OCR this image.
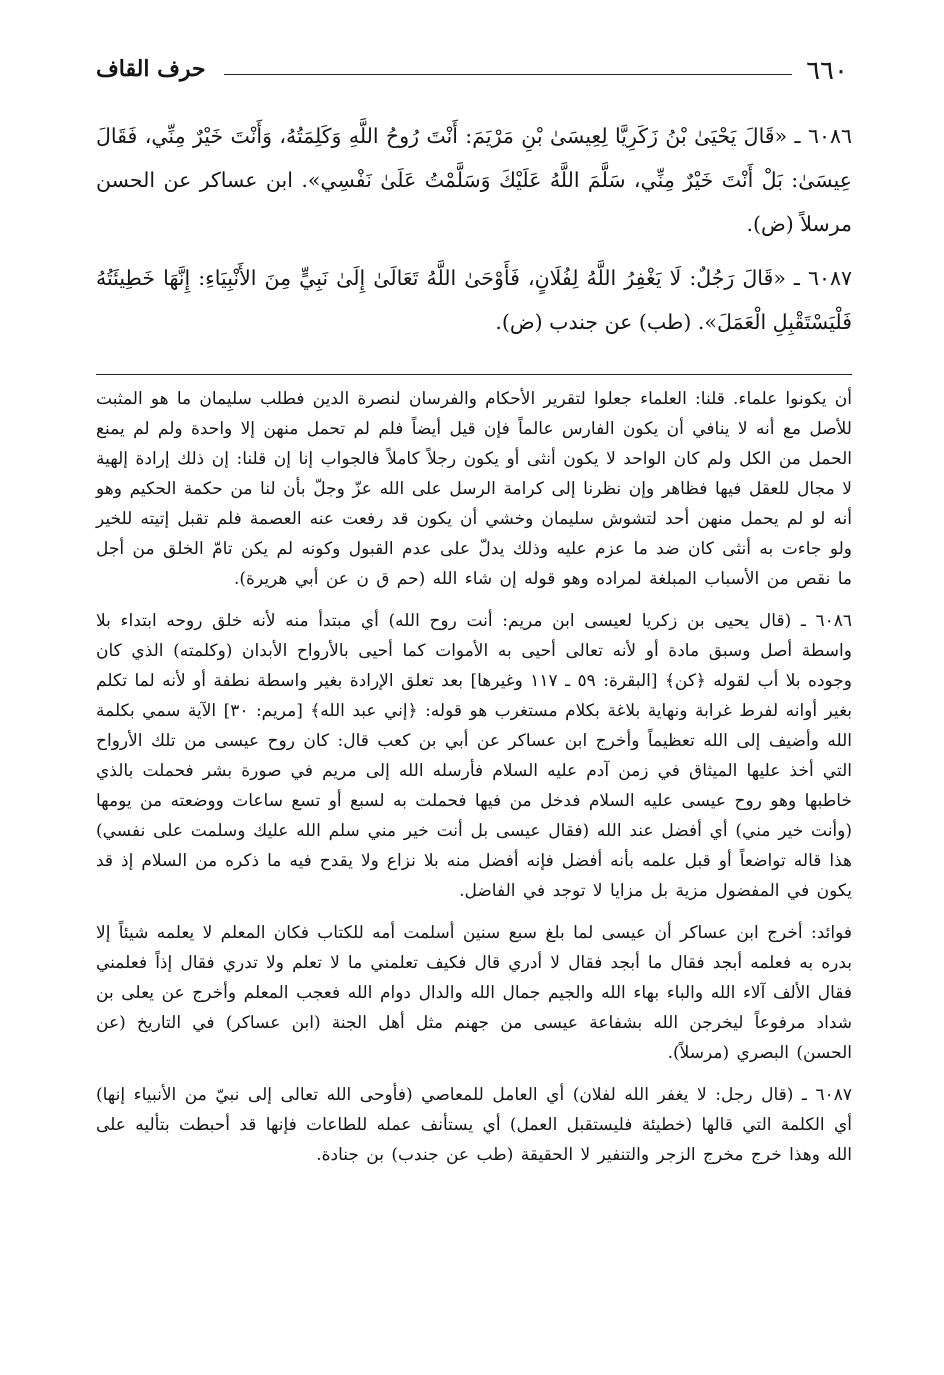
٦٦٠
حرف القاف

٦٠٨٦ ـ «قَالَ يَحْيَىٰ بْنُ زَكَرِيَّا لِعِيسَىٰ بْنِ مَرْيَمَ: أَنْتَ رُوحُ اللَّهِ وَكَلِمَتُهُ، وَأَنْتَ خَيْرٌ مِنِّي، فَقَالَ عِيسَىٰ: بَلْ أَنْتَ خَيْرٌ مِنِّي، سَلَّمَ اللَّهُ عَلَيْكَ وَسَلَّمْتُ عَلَىٰ نَفْسِي». ابن عساكر عن الحسن مرسلاً (ض).

٦٠٨٧ ـ «قَالَ رَجُلٌ: لَا يَغْفِرُ اللَّهُ لِفُلَانٍ، فَأَوْحَىٰ اللَّهُ تَعَالَىٰ إِلَىٰ نَبِيٍّ مِنَ الأَنْبِيَاءِ: إِنَّهَا خَطِيئَتُهُ فَلْيَسْتَقْبِلِ الْعَمَلَ». (طب) عن جندب (ض).

أن يكونوا علماء. قلنا: العلماء جعلوا لتقرير الأحكام والفرسان لنصرة الدين فطلب سليمان ما هو المثبت للأصل مع أنه لا ينافي أن يكون الفارس عالماً فإن قيل أيضاً فلم لم تحمل منهن إلا واحدة ولم لم يمنع الحمل من الكل ولم كان الواحد لا يكون أنثى أو يكون رجلاً كاملاً فالجواب إنا إن قلنا: إن ذلك إرادة إلهية لا مجال للعقل فيها فظاهر وإن نظرنا إلى كرامة الرسل على الله عزّ وجلّ بأن لنا من حكمة الحكيم وهو أنه لو لم يحمل منهن أحد لتشوش سليمان وخشي أن يكون قد رفعت عنه العصمة فلم تقبل إتيته للخير ولو جاءت به أنثى كان ضد ما عزم عليه وذلك يدلّ على عدم القبول وكونه لم يكن تامّ الخلق من أجل ما نقص من الأسباب المبلغة لمراده وهو قوله إن شاء الله (حم ق ن عن أبي هريرة).

٦٠٨٦ ـ (قال يحيى بن زكريا لعيسى ابن مريم: أنت روح الله) أي مبتدأ منه لأنه خلق روحه ابتداء بلا واسطة أصل وسبق مادة أو لأنه تعالى أحيى به الأموات كما أحيى بالأرواح الأبدان (وكلمته) الذي كان وجوده بلا أب لقوله ﴿كن﴾ [البقرة: ٥٩ ـ ١١٧ وغيرها] بعد تعلق الإرادة بغير واسطة نطفة أو لأنه لما تكلم بغير أوانه لفرط غرابة ونهاية بلاغة بكلام مستغرب هو قوله: ﴿إني عبد الله﴾ [مريم: ٣٠] الآية سمي بكلمة الله وأضيف إلى الله تعظيماً وأخرج ابن عساكر عن أبي بن كعب قال: كان روح عيسى من تلك الأرواح التي أخذ عليها الميثاق في زمن آدم عليه السلام فأرسله الله إلى مريم في صورة بشر فحملت بالذي خاطبها وهو روح عيسى عليه السلام فدخل من فيها فحملت به لسبع أو تسع ساعات ووضعته من يومها (وأنت خير مني) أي أفضل عند الله (فقال عيسى بل أنت خير مني سلم الله عليك وسلمت على نفسي) هذا قاله تواضعاً أو قبل علمه بأنه أفضل فإنه أفضل منه بلا نزاع ولا يقدح فيه ما ذكره من السلام إذ قد يكون في المفضول مزية بل مزايا لا توجد في الفاضل.

فوائد: أخرج ابن عساكر أن عيسى لما بلغ سبع سنين أسلمت أمه للكتاب فكان المعلم لا يعلمه شيئاً إلا بدره به فعلمه أبجد فقال ما أبجد فقال لا أدري قال فكيف تعلمني ما لا تعلم ولا تدري فقال إذاً فعلمني فقال الألف آلاء الله والباء بهاء الله والجيم جمال الله والدال دوام الله فعجب المعلم وأخرج عن يعلى بن شداد مرفوعاً ليخرجن الله بشفاعة عيسى من جهنم مثل أهل الجنة (ابن عساكر) في التاريخ (عن الحسن) البصري (مرسلاً).

٦٠٨٧ ـ (قال رجل: لا يغفر الله لفلان) أي العامل للمعاصي (فأوحى الله تعالى إلى نبيّ من الأنبياء إنها) أي الكلمة التي قالها (خطيئة فليستقبل العمل) أي يستأنف عمله للطاعات فإنها قد أحبطت بتأليه على الله وهذا خرج مخرج الزجر والتنفير لا الحقيقة (طب عن جندب) بن جنادة.
